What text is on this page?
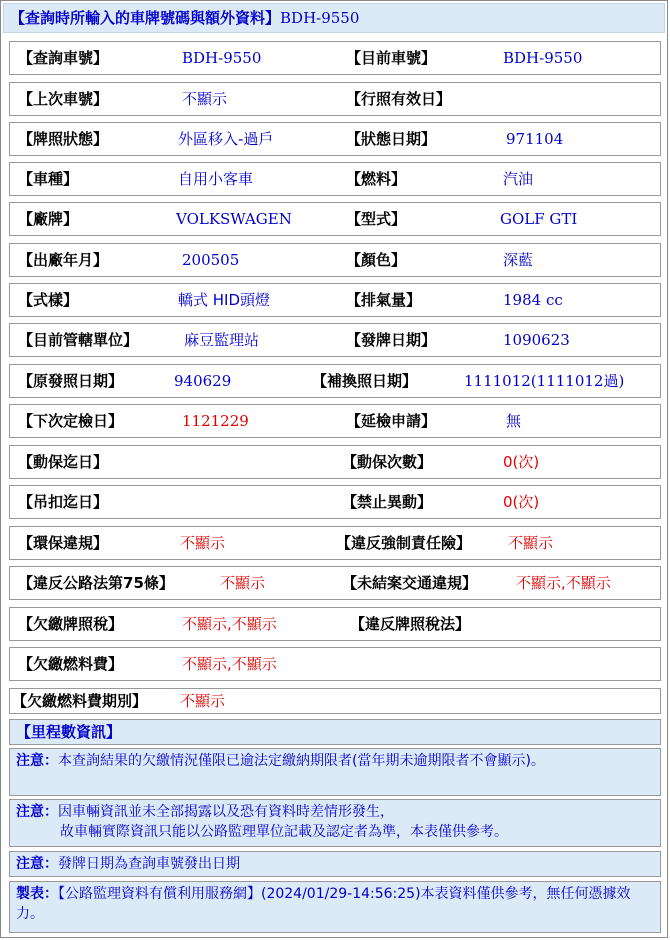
【查詢時所輸入的車牌號碼與額外資料】BDH-9550
【查詢車號】	BDH-9550	【目前車號】	BDH-9550
【上次車號】	不顯示	【行照有效日】
【牌照狀態】	外區移入-過戶	【狀態日期】	971104
【車種】	自用小客車	【燃料】	汽油
【廠牌】	VOLKSWAGEN	【型式】	GOLF GTI
【出廠年月】	200505	【顏色】	深藍
【式樣】	轎式 HID頭燈	【排氣量】	1984 cc
【目前管轄單位】	麻豆監理站	【發牌日期】	1090623
【原發照日期】	940629	【補換照日期】	1111012(1111012過)
【下次定檢日】	1121229	【延檢申請】	無
【動保迄日】	【動保次數】	0(次)
【吊扣迄日】	【禁止異動】	0(次)
【環保違規】	不顯示	【違反強制責任險】 不顯示
【違反公路法第75條】	不顯示	【未結案交通違規】	不顯示,不顯示
【欠繳牌照稅】	不顯示,不顯示	【違反牌照稅法】
【欠繳燃料費】	不顯示,不顯示
【欠繳燃料費期別】 不顯示
【里程數資訊】
注意：本查詢結果的欠繳情況僅限已逾法定繳納期限者(當年期未逾期限者不會顯示)。
注意：因車輛資訊並未全部揭露以及恐有資料時差情形發生，
故車輛實際資訊只能以公路監理單位記載及認定者為準，本表僅供參考。
注意：發牌日期為查詢車號發出日期
製表：【公路監理資料有償利用服務網】(2024/01/29-14:56:25)本表資料僅供參考，無任何憑據效力。
